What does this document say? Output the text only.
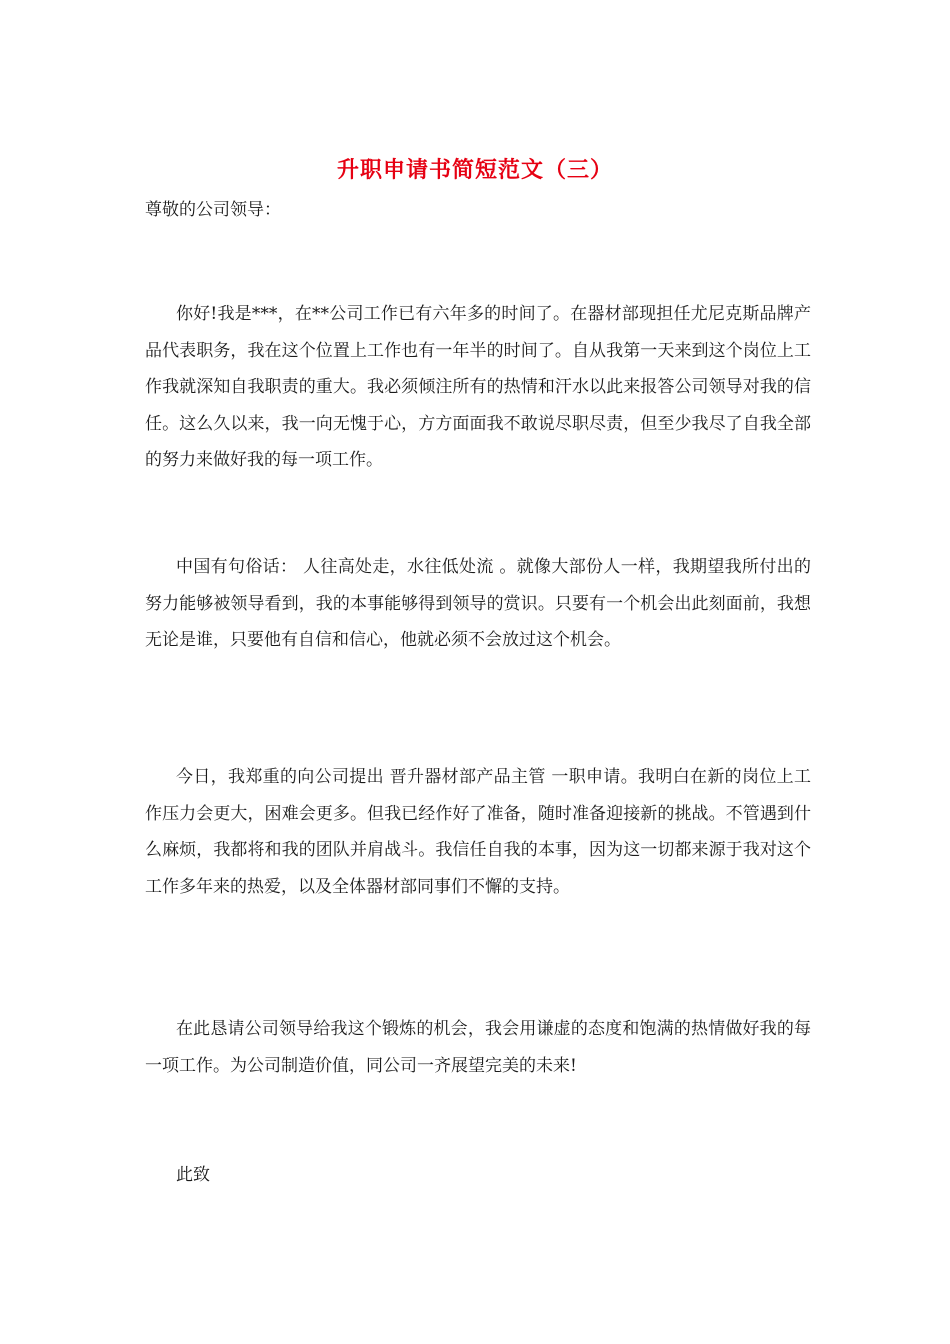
升职申请书简短范文（三）
尊敬的公司领导：

你好!我是***，在**公司工作已有六年多的时间了。在器材部现担任尤尼克斯品牌产品代表职务，我在这个位置上工作也有一年半的时间了。自从我第一天来到这个岗位上工作我就深知自我职责的重大。我必须倾注所有的热情和汗水以此来报答公司领导对我的信任。这么久以来，我一向无愧于心，方方面面我不敢说尽职尽责，但至少我尽了自我全部的努力来做好我的每一项工作。

中国有句俗话： 人往高处走，水往低处流 。就像大部份人一样，我期望我所付出的努力能够被领导看到，我的本事能够得到领导的赏识。只要有一个机会出此刻面前，我想无论是谁，只要他有自信和信心，他就必须不会放过这个机会。

今日，我郑重的向公司提出 晋升器材部产品主管 一职申请。我明白在新的岗位上工作压力会更大，困难会更多。但我已经作好了准备，随时准备迎接新的挑战。不管遇到什么麻烦，我都将和我的团队并肩战斗。我信任自我的本事，因为这一切都来源于我对这个工作多年来的热爱，以及全体器材部同事们不懈的支持。

在此恳请公司领导给我这个锻炼的机会，我会用谦虚的态度和饱满的热情做好我的每一项工作。为公司制造价值，同公司一齐展望完美的未来!

此致
